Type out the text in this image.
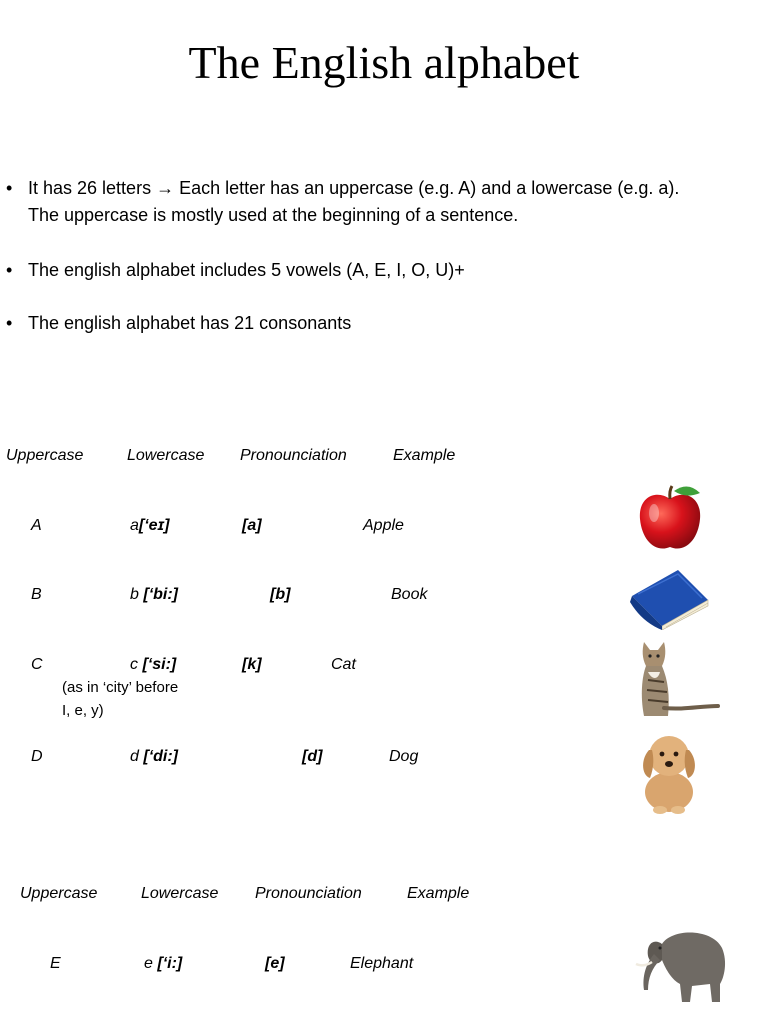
The English alphabet
• It has 26 letters → Each letter has an uppercase (e.g. A) and a lowercase (e.g. a).
The uppercase is mostly used at the beginning of a sentence.
• The english alphabet includes 5 vowels (A, E, I, O, U)+
• The english alphabet has 21 consonants
Uppercase	Lowercase Pronounciation	Example
A	a[‘eɪ]	[a]	Apple
B	b [‘bi:]	[b]	Book
C	c [‘si:]	[k]	Cat
(as in ‘city’ before
I, e, y)
D	d [‘di:]	[d]	Dog
Uppercase	Lowercase Pronounciation	Example
E	e [‘i:]	[e]	Elephant
